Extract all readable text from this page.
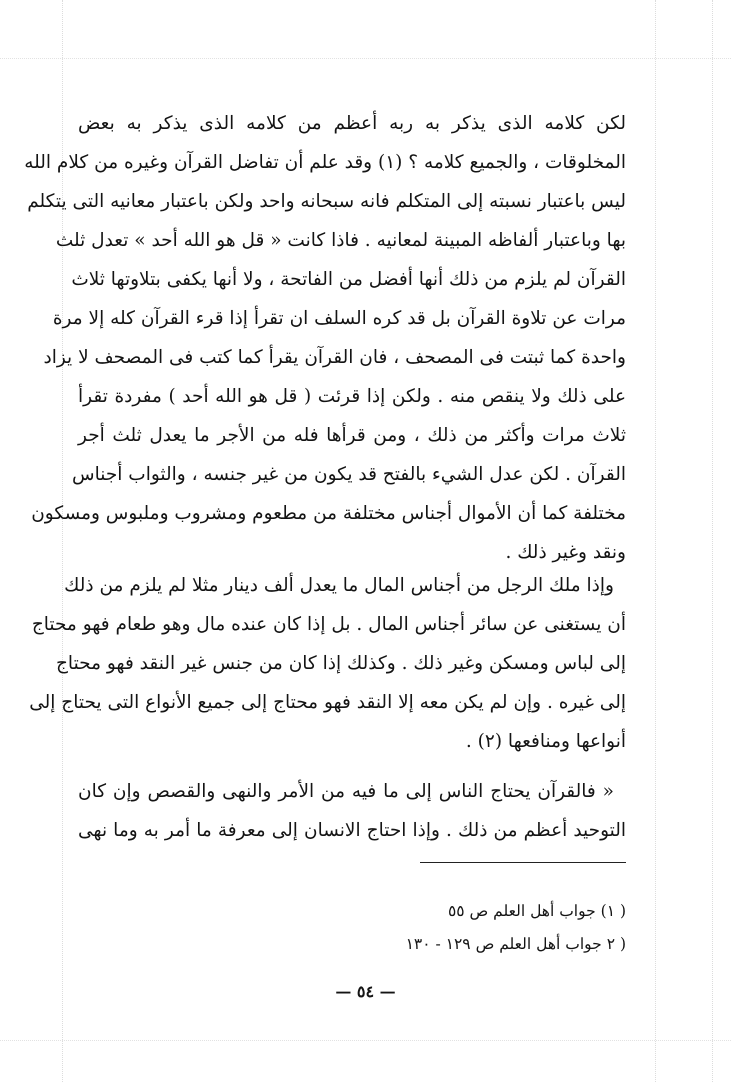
لكن كلامه الذى يذكر به ربه أعظم من كلامه الذى يذكر به بعض
المخلوقات ، والجميع كلامه ؟ (١) وقد علم أن تفاضل القرآن وغيره من كلام الله
ليس باعتبار نسبته إلى المتكلم فانه سبحانه واحد ولكن باعتبار معانيه التى يتكلم
بها وباعتبار ألفاظه المبينة لمعانيه . فاذا كانت « قل هو الله أحد » تعدل ثلث
القرآن لم يلزم من ذلك أنها أفضل من الفاتحة ، ولا أنها يكفى بتلاوتها ثلاث
مرات عن تلاوة القرآن بل قد كره السلف ان تقرأ إذا قرء القرآن كله إلا مرة
واحدة كما ثبتت فى المصحف ، فان القرآن يقرأ كما كتب فى المصحف لا يزاد
على ذلك ولا ينقص منه . ولكن إذا قرئت ( قل هو الله أحد ) مفردة تقرأ
ثلاث مرات وأكثر من ذلك ، ومن قرأها فله من الأجر ما يعدل ثلث أجر
القرآن . لكن عدل الشيء بالفتح قد يكون من غير جنسه ، والثواب أجناس
مختلفة كما أن الأموال أجناس مختلفة من مطعوم ومشروب وملبوس ومسكون
ونقد وغير ذلك .
وإذا ملك الرجل من أجناس المال ما يعدل ألف دينار مثلا لم يلزم من ذلك
أن يستغنى عن سائر أجناس المال . بل إذا كان عنده مال وهو طعام فهو محتاج
إلى لباس ومسكن وغير ذلك . وكذلك إذا كان من جنس غير النقد فهو محتاج
إلى غيره . وإن لم يكن معه إلا النقد فهو محتاج إلى جميع الأنواع التى يحتاج إلى
أنواعها ومنافعها (٢) .
« فالقرآن يحتاج الناس إلى ما فيه من الأمر والنهى والقصص وإن كان
التوحيد أعظم من ذلك . وإذا احتاج الانسان إلى معرفة ما أمر به وما نهى
( ١) جواب أهل العلم ص ٥٥
( ٢ جواب أهل العلم ص ١٢٩ - ١٣٠
— ٥٤ —
